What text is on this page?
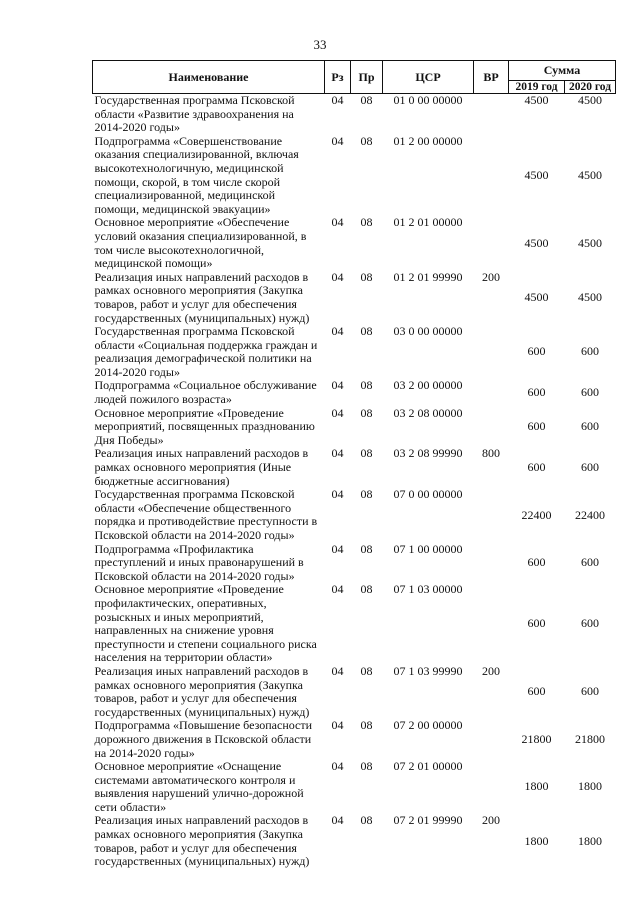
33
Наименование	Рз	Пр	ЦСР	ВР	Сумма	
					2019 год	2020 год
Государственная программа Псковской области «Развитие здравоохранения на 2014-2020 годы»	04	08	01 0 00 00000		4500	4500
Подпрограмма «Совершенствование оказания специализированной, включая высокотехнологичную, медицинской помощи, скорой, в том числе скорой специализированной, медицинской помощи, медицинской эвакуации»	04	08	01 2 00 00000		4500	4500
Основное мероприятие «Обеспечение условий оказания специализированной, в том числе высокотехнологичной, медицинской помощи»	04	08	01 2 01 00000		4500	4500
Реализация иных направлений расходов в рамках основного мероприятия (Закупка товаров, работ и услуг для обеспечения государственных (муниципальных) нужд)	04	08	01 2 01 99990	200	4500	4500
Государственная программа Псковской области «Социальная поддержка граждан и реализация демографической политики на 2014-2020 годы»	04	08	03 0 00 00000		600	600
Подпрограмма «Социальное обслуживание людей пожилого возраста»	04	08	03 2 00 00000		600	600
Основное мероприятие «Проведение мероприятий, посвященных празднованию Дня Победы»	04	08	03 2 08 00000		600	600
Реализация иных направлений расходов в рамках основного мероприятия (Иные бюджетные ассигнования)	04	08	03 2 08 99990	800	600	600
Государственная программа Псковской области «Обеспечение общественного порядка и противодействие преступности в Псковской области на 2014-2020 годы»	04	08	07 0 00 00000		22400	22400
Подпрограмма «Профилактика преступлений и иных правонарушений в Псковской области на 2014-2020 годы»	04	08	07 1 00 00000		600	600
Основное мероприятие «Проведение профилактических, оперативных, розыскных и иных мероприятий, направленных на снижение уровня преступности и степени социального риска населения на территории области»	04	08	07 1 03 00000		600	600
Реализация иных направлений расходов в рамках основного мероприятия (Закупка товаров, работ и услуг для обеспечения государственных (муниципальных) нужд)	04	08	07 1 03 99990	200	600	600
Подпрограмма «Повышение безопасности дорожного движения в Псковской области на 2014-2020 годы»	04	08	07 2 00 00000		21800	21800
Основное мероприятие «Оснащение системами автоматического контроля и выявления нарушений улично-дорожной сети области»	04	08	07 2 01 00000		1800	1800
Реализация иных направлений расходов в рамках основного мероприятия (Закупка товаров, работ и услуг для обеспечения государственных (муниципальных) нужд)	04	08	07 2 01 99990	200	1800	1800
